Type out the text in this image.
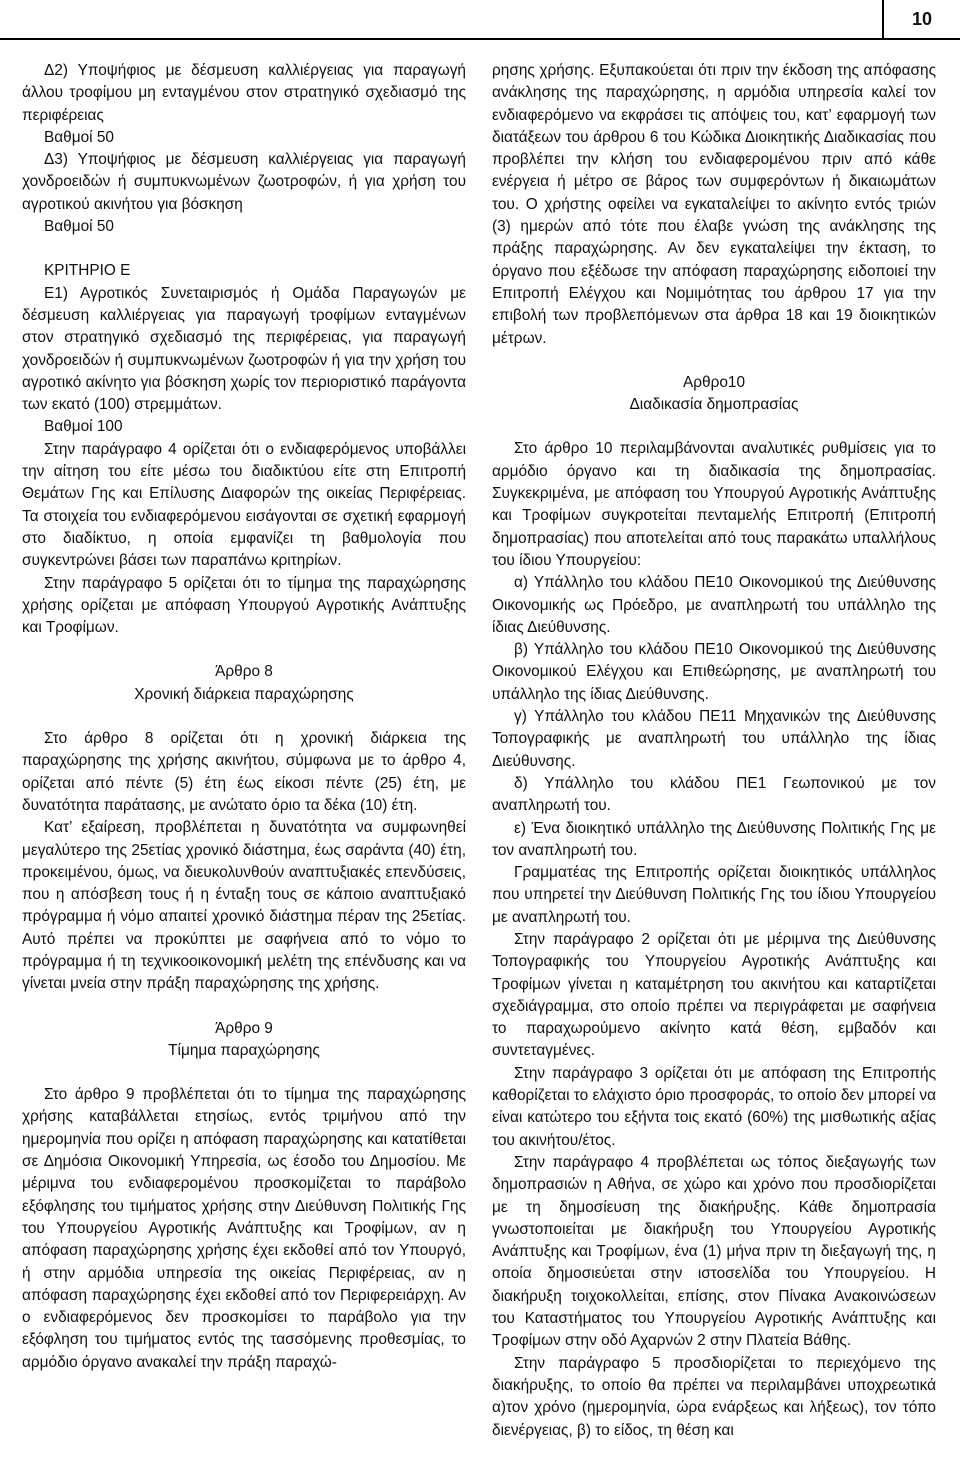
10

Δ2) Υποψήφιος με δέσμευση καλλιέργειας για παραγωγή άλλου τροφίμου μη ενταγμένου στον στρατηγικό σχεδιασμό της περιφέρειας

Βαθμοί 50

Δ3) Υποψήφιος με δέσμευση καλλιέργειας για παραγωγή χονδροειδών ή συμπυκνωμένων ζωοτροφών, ή για χρήση του αγροτικού ακινήτου για βόσκηση

Βαθμοί 50

ΚΡΙΤΗΡΙΟ Ε

Ε1) Αγροτικός Συνεταιρισμός ή Ομάδα Παραγωγών με δέσμευση καλλιέργειας για παραγωγή τροφίμων ενταγμένων στον στρατηγικό σχεδιασμό της περιφέρειας, για παραγωγή χονδροειδών ή συμπυκνωμένων ζωοτροφών ή για την χρήση του αγροτικό ακίνητο για βόσκηση χωρίς τον περιοριστικό παράγοντα των εκατό (100) στρεμμάτων.

Βαθμοί 100

Στην παράγραφο 4 ορίζεται ότι ο ενδιαφερόμενος υποβάλλει την αίτηση του είτε μέσω του διαδικτύου είτε στη Επιτροπή Θεμάτων Γης και Επίλυσης Διαφορών της οικείας Περιφέρειας. Τα στοιχεία του ενδιαφερόμενου εισάγονται σε σχετική εφαρμογή στο διαδίκτυο, η οποία εμφανίζει τη βαθμολογία που συγκεντρώνει βάσει των παραπάνω κριτηρίων.

Στην παράγραφο 5 ορίζεται ότι το τίμημα της παραχώρησης χρήσης ορίζεται με απόφαση Υπουργού Αγροτικής Ανάπτυξης και Τροφίμων.

Άρθρο 8

Χρονική διάρκεια παραχώρησης

Στο άρθρο 8 ορίζεται ότι η χρονική διάρκεια της παραχώρησης της χρήσης ακινήτου, σύμφωνα με το άρθρο 4, ορίζεται από πέντε (5) έτη έως είκοσι πέντε (25) έτη, με δυνατότητα παράτασης, με ανώτατο όριο τα δέκα (10) έτη.

Κατ’ εξαίρεση, προβλέπεται η δυνατότητα να συμφωνηθεί μεγαλύτερο της 25ετίας χρονικό διάστημα, έως σαράντα (40) έτη, προκειμένου, όμως, να διευκολυνθούν αναπτυξιακές επενδύσεις, που η απόσβεση τους ή η ένταξη τους σε κάποιο αναπτυξιακό πρόγραμμα ή νόμο απαιτεί χρονικό διάστημα πέραν της 25ετίας. Αυτό πρέπει να προκύπτει με σαφήνεια από το νόμο το πρόγραμμα ή τη τεχνικοοικονομική μελέτη της επένδυσης και να γίνεται μνεία στην πράξη παραχώρησης της χρήσης.

Άρθρο 9

Τίμημα παραχώρησης

Στο άρθρο 9 προβλέπεται ότι το τίμημα της παραχώρησης χρήσης καταβάλλεται ετησίως, εντός τριμήνου από την ημερομηνία που ορίζει η απόφαση παραχώρησης και κατατίθεται σε Δημόσια Οικονομική Υπηρεσία, ως έσοδο του Δημοσίου. Με μέριμνα του ενδιαφερομένου προσκομίζεται το παράβολο εξόφλησης του τιμήματος χρήσης στην Διεύθυνση Πολιτικής Γης του Υπουργείου Αγροτικής Ανάπτυξης και Τροφίμων, αν η απόφαση παραχώρησης χρήσης έχει εκδοθεί από τον Υπουργό, ή στην αρμόδια υπηρεσία της οικείας Περιφέρειας, αν η απόφαση παραχώρησης έχει εκδοθεί από τον Περιφερειάρχη. Αν ο ενδιαφερόμενος δεν προσκομίσει το παράβολο για την εξόφληση του τιμήματος εντός της τασσόμενης προθεσμίας, το αρμόδιο όργανο ανακαλεί την πράξη παραχώ-

ρησης χρήσης. Εξυπακούεται ότι πριν την έκδοση της απόφασης ανάκλησης της παραχώρησης, η αρμόδια υπηρεσία καλεί τον ενδιαφερόμενο να εκφράσει τις απόψεις του, κατ’ εφαρμογή των διατάξεων του άρθρου 6 του Κώδικα Διοικητικής Διαδικασίας που προβλέπει την κλήση του ενδιαφερομένου πριν από κάθε ενέργεια ή μέτρο σε βάρος των συμφερόντων ή δικαιωμάτων του. Ο χρήστης οφείλει να εγκαταλείψει το ακίνητο εντός τριών (3) ημερών από τότε που έλαβε γνώση της ανάκλησης της πράξης παραχώρησης. Αν δεν εγκαταλείψει την έκταση, το όργανο που εξέδωσε την απόφαση παραχώρησης ειδοποιεί την Επιτροπή Ελέγχου και Νομιμότητας του άρθρου 17 για την επιβολή των προβλεπόμενων στα άρθρα 18 και 19 διοικητικών μέτρων.

Αρθρο10

Διαδικασία δημοπρασίας

Στο άρθρο 10 περιλαμβάνονται αναλυτικές ρυθμίσεις για το αρμόδιο όργανο και τη διαδικασία της δημοπρασίας. Συγκεκριμένα, με απόφαση του Υπουργού Αγροτικής Ανάπτυξης και Τροφίμων συγκροτείται πενταμελής Επιτροπή (Επιτροπή δημοπρασίας) που αποτελείται από τους παρακάτω υπαλλήλους του ίδιου Υπουργείου:

α) Υπάλληλο του κλάδου ΠΕ10 Οικονομικού της Διεύθυνσης Οικονομικής ως Πρόεδρο, με αναπληρωτή του υπάλληλο της ίδιας Διεύθυνσης.

β) Υπάλληλο του κλάδου ΠΕ10 Οικονομικού της Διεύθυνσης Οικονομικού Ελέγχου και Επιθεώρησης, με αναπληρωτή του υπάλληλο της ίδιας Διεύθυνσης.

γ) Υπάλληλο του κλάδου ΠΕ11 Μηχανικών της Διεύθυνσης Τοπογραφικής με αναπληρωτή του υπάλληλο της ίδιας Διεύθυνσης.

δ) Υπάλληλο του κλάδου ΠΕ1 Γεωπονικού με τον αναπληρωτή του.

ε) Ένα διοικητικό υπάλληλο της Διεύθυνσης Πολιτικής Γης με τον αναπληρωτή του.

Γραμματέας της Επιτροπής ορίζεται διοικητικός υπάλληλος που υπηρετεί την Διεύθυνση Πολιτικής Γης του ίδιου Υπουργείου με αναπληρωτή του.

Στην παράγραφο 2 ορίζεται ότι με μέριμνα της Διεύθυνσης Τοπογραφικής του Υπουργείου Αγροτικής Ανάπτυξης και Τροφίμων γίνεται η καταμέτρηση του ακινήτου και καταρτίζεται σχεδιάγραμμα, στο οποίο πρέπει να περιγράφεται με σαφήνεια το παραχωρούμενο ακίνητο κατά θέση, εμβαδόν και συντεταγμένες.

Στην παράγραφο 3 ορίζεται ότι με απόφαση της Επιτροπής καθορίζεται το ελάχιστο όριο προσφοράς, το οποίο δεν μπορεί να είναι κατώτερο του εξήντα τοις εκατό (60%) της μισθωτικής αξίας του ακινήτου/έτος.

Στην παράγραφο 4 προβλέπεται ως τόπος διεξαγωγής των δημοπρασιών η Αθήνα, σε χώρο και χρόνο που προσδιορίζεται με τη δημοσίευση της διακήρυξης. Κάθε δημοπρασία γνωστοποιείται με διακήρυξη του Υπουργείου Αγροτικής Ανάπτυξης και Τροφίμων, ένα (1) μήνα πριν τη διεξαγωγή της, η οποία δημοσιεύεται στην ιστοσελίδα του Υπουργείου. Η διακήρυξη τοιχοκολλείται, επίσης, στον Πίνακα Ανακοινώσεων του Καταστήματος του Υπουργείου Αγροτικής Ανάπτυξης και Τροφίμων στην οδό Αχαρνών 2 στην Πλατεία Βάθης.

Στην παράγραφο 5 προσδιορίζεται το περιεχόμενο της διακήρυξης, το οποίο θα πρέπει να περιλαμβάνει υποχρεωτικά α)τον χρόνο (ημερομηνία, ώρα ενάρξεως και λήξεως), τον τόπο διενέργειας, β) το είδος, τη θέση και
